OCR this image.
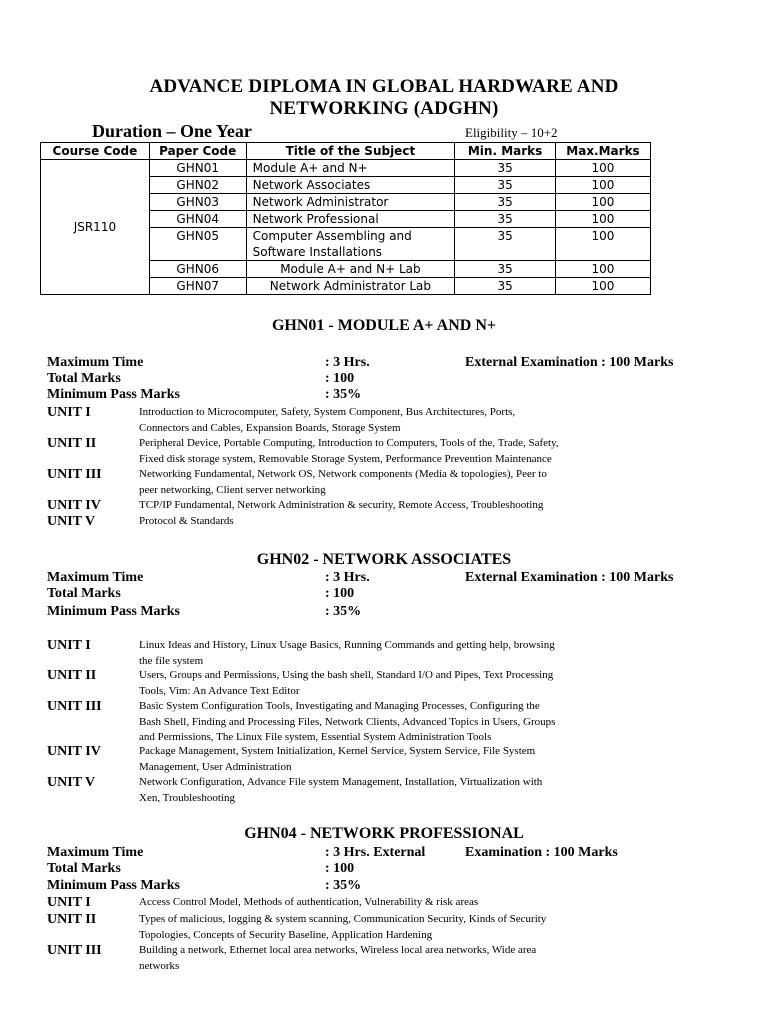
ADVANCE DIPLOMA IN GLOBAL HARDWARE AND
NETWORKING (ADGHN)
Duration – One Year	Eligibility – 10+2
Course Code	Paper Code	Title of the Subject	Min. Marks	Max.Marks
JSR110	GHN01	Module A+ and N+	35	100
	GHN02	Network Associates	35	100
	GHN03	Network Administrator	35	100
	GHN04	Network Professional	35	100
	GHN05	Computer Assembling and Software Installations	35	100
	GHN06	Module A+ and N+ Lab	35	100
	GHN07	Network Administrator Lab	35	100
GHN01 - MODULE A+ AND N+
Maximum Time	: 3 Hrs.	External Examination : 100 Marks
Total Marks	: 100
Minimum Pass Marks	: 35%
UNIT I	Introduction to Microcomputer, Safety, System Component, Bus Architectures, Ports,
Connectors and Cables, Expansion Boards, Storage System
UNIT II	Peripheral Device, Portable Computing, Introduction to Computers, Tools of the, Trade, Safety,
Fixed disk storage system, Removable Storage System, Performance Prevention Maintenance
UNIT III	Networking Fundamental, Network OS, Network components (Media & topologies), Peer to
peer networking, Client server networking
UNIT IV	TCP/IP Fundamental, Network Administration & security, Remote Access, Troubleshooting
UNIT V	Protocol & Standards
GHN02 - NETWORK ASSOCIATES
Maximum Time	: 3 Hrs.	External Examination : 100 Marks
Total Marks	: 100
Minimum Pass Marks	: 35%
UNIT I	Linux Ideas and History, Linux Usage Basics, Running Commands and getting help, browsing
the file system
UNIT II	Users, Groups and Permissions, Using the bash shell, Standard I/O and Pipes, Text Processing
Tools, Vim: An Advance Text Editor
UNIT III	Basic System Configuration Tools, Investigating and Managing Processes, Configuring the
Bash Shell, Finding and Processing Files, Network Clients, Advanced Topics in Users, Groups
and Permissions, The Linux File system, Essential System Administration Tools
UNIT IV	Package Management, System Initialization, Kernel Service, System Service, File System
Management, User Administration
UNIT V	Network Configuration, Advance File system Management, Installation, Virtualization with
Xen, Troubleshooting
GHN04 - NETWORK PROFESSIONAL
Maximum Time	: 3 Hrs. External	Examination : 100 Marks
Total Marks	: 100
Minimum Pass Marks	: 35%
UNIT I	Access Control Model, Methods of authentication, Vulnerability & risk areas
UNIT II	Types of malicious, logging & system scanning, Communication Security, Kinds of Security
Topologies, Concepts of Security Baseline, Application Hardening
UNIT III	Building a network, Ethernet local area networks, Wireless local area networks, Wide area
networks
